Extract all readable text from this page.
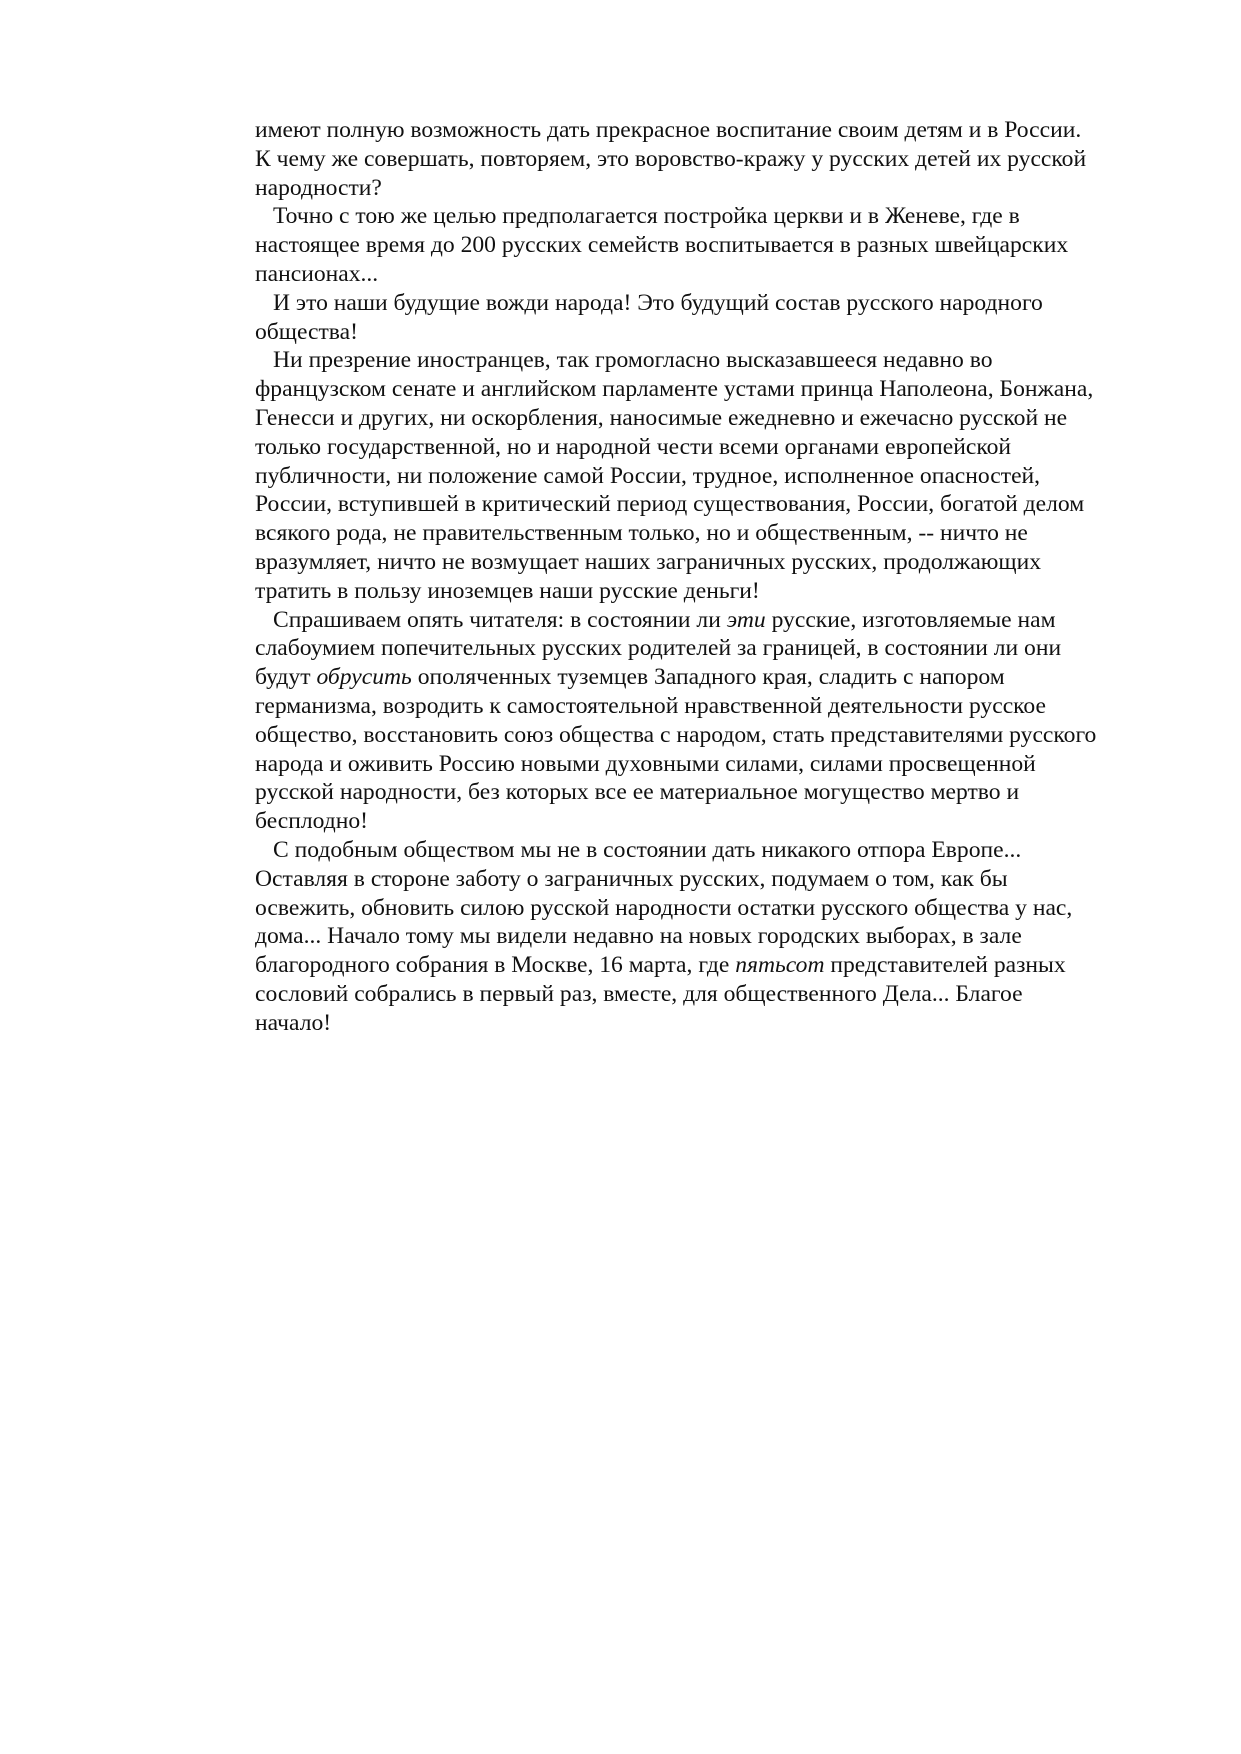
имеют полную возможность дать прекрасное воспитание своим детям и в России.
К чему же совершать, повторяем, это воровство-кражу у русских детей их русской
народности?
Точно с тою же целью предполагается постройка церкви и в Женеве, где в
настоящее время до 200 русских семейств воспитывается в разных швейцарских
пансионах...
И это наши будущие вожди народа! Это будущий состав русского народного
общества!
Ни презрение иностранцев, так громогласно высказавшееся недавно во
французском сенате и английском парламенте устами принца Наполеона, Бонжана,
Генесси и других, ни оскорбления, наносимые ежедневно и ежечасно русской не
только государственной, но и народной чести всеми органами европейской
публичности, ни положение самой России, трудное, исполненное опасностей,
России, вступившей в критический период существования, России, богатой делом
всякого рода, не правительственным только, но и общественным, -- ничто не
вразумляет, ничто не возмущает наших заграничных русских, продолжающих
тратить в пользу иноземцев наши русские деньги!
Спрашиваем опять читателя: в состоянии ли эти русские, изготовляемые нам
слабоумием попечительных русских родителей за границей, в состоянии ли они
будут обрусить ополяченных туземцев Западного края, сладить с напором
германизма, возродить к самостоятельной нравственной деятельности русское
общество, восстановить союз общества с народом, стать представителями русского
народа и оживить Россию новыми духовными силами, силами просвещенной
русской народности, без которых все ее материальное могущество мертво и
бесплодно!
С подобным обществом мы не в состоянии дать никакого отпора Европе...
Оставляя в стороне заботу о заграничных русских, подумаем о том, как бы
освежить, обновить силою русской народности остатки русского общества у нас,
дома... Начало тому мы видели недавно на новых городских выборах, в зале
благородного собрания в Москве, 16 марта, где пятьсот представителей разных
сословий собрались в первый раз, вместе, для общественного Дела... Благое
начало!
